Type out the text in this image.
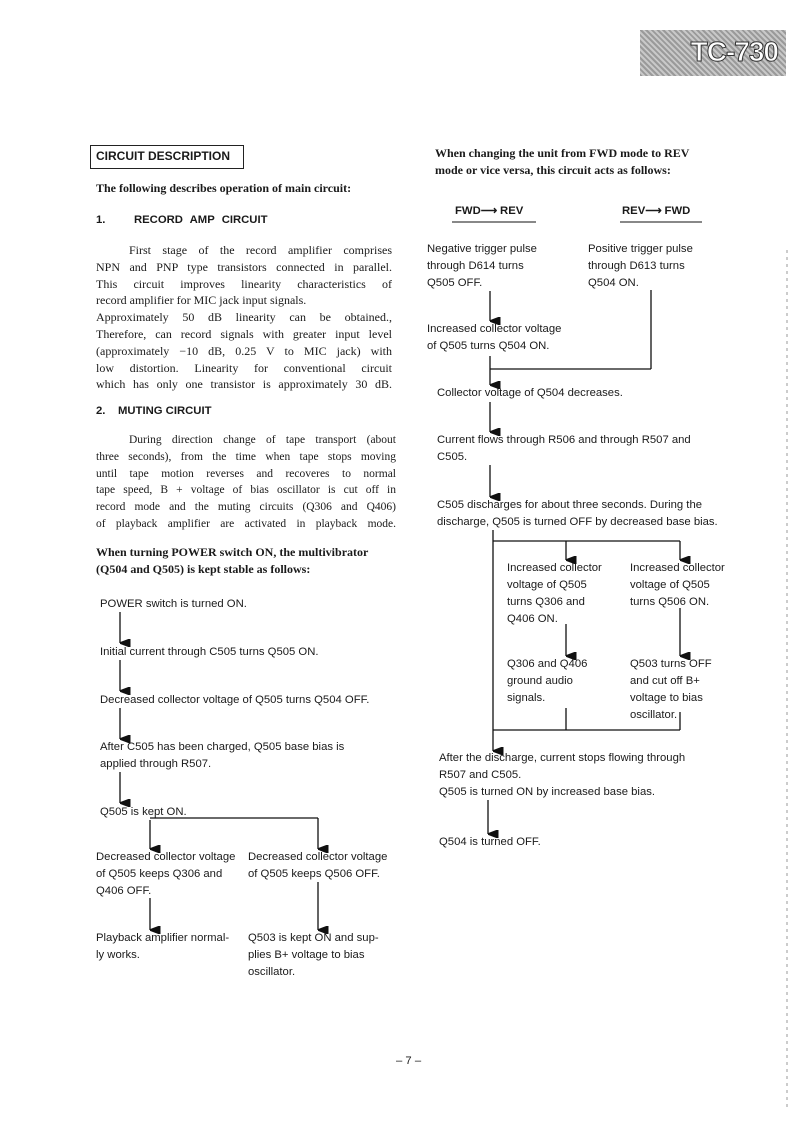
TC-730
CIRCUIT DESCRIPTION
The following describes operation of main circuit:
1.    RECORD AMP CIRCUIT
First stage of the record amplifier comprises
NPN and PNP type transistors connected in parallel.
This circuit improves linearity characteristics of
record amplifier for MIC jack input signals.
Approximately 50 dB linearity can be obtained.,
Therefore, can record signals with greater input level
(approximately −10 dB, 0.25 V to MIC jack) with
low distortion. Linearity for conventional circuit
which has only one transistor is approximately 30 dB.
2.    MUTING CIRCUIT
During direction change of tape transport (about
three seconds), from the time when tape stops moving
until tape motion reverses and recoveres to normal
tape speed, B + voltage of bias oscillator is cut off in
record mode and the muting circuits (Q306 and Q406)
of playback amplifier are activated in playback mode.
When turning POWER switch ON, the multivibrator
(Q504 and Q505) is kept stable as follows:
POWER switch is turned ON.
Initial current through C505 turns Q505 ON.
Decreased collector voltage of Q505 turns Q504 OFF.
After C505 has been charged, Q505 base bias is
applied through R507.
Q505 is kept ON.
Decreased collector voltage
of Q505 keeps Q306 and
Q406 OFF.
Decreased collector voltage
of Q505 keeps Q506 OFF.
Playback amplifier normal-
ly works.
Q503 is kept ON and sup-
plies B+ voltage to bias
oscillator.
When changing the unit from FWD mode to REV
mode or vice versa, this circuit acts as follows:
FWD⟶ REV	REV⟶ FWD
Negative trigger pulse
through D614 turns
Q505 OFF.
Positive trigger pulse
through D613 turns
Q504 ON.
Increased collector voltage
of Q505 turns Q504 ON.
Collector voltage of Q504 decreases.
Current flows through R506 and through R507 and
C505.
C505 discharges for about three seconds. During the
discharge, Q505 is turned OFF by decreased base bias.
Increased collector
voltage of Q505
turns Q306 and
Q406 ON.
Increased collector
voltage of Q505
turns Q506 ON.
Q306 and Q406
ground audio
signals.
Q503 turns OFF
and cut off B+
voltage to bias
oscillator.
After the discharge, current stops flowing through
R507 and C505.
Q505 is turned ON by increased base bias.
Q504 is turned OFF.
– 7 –
